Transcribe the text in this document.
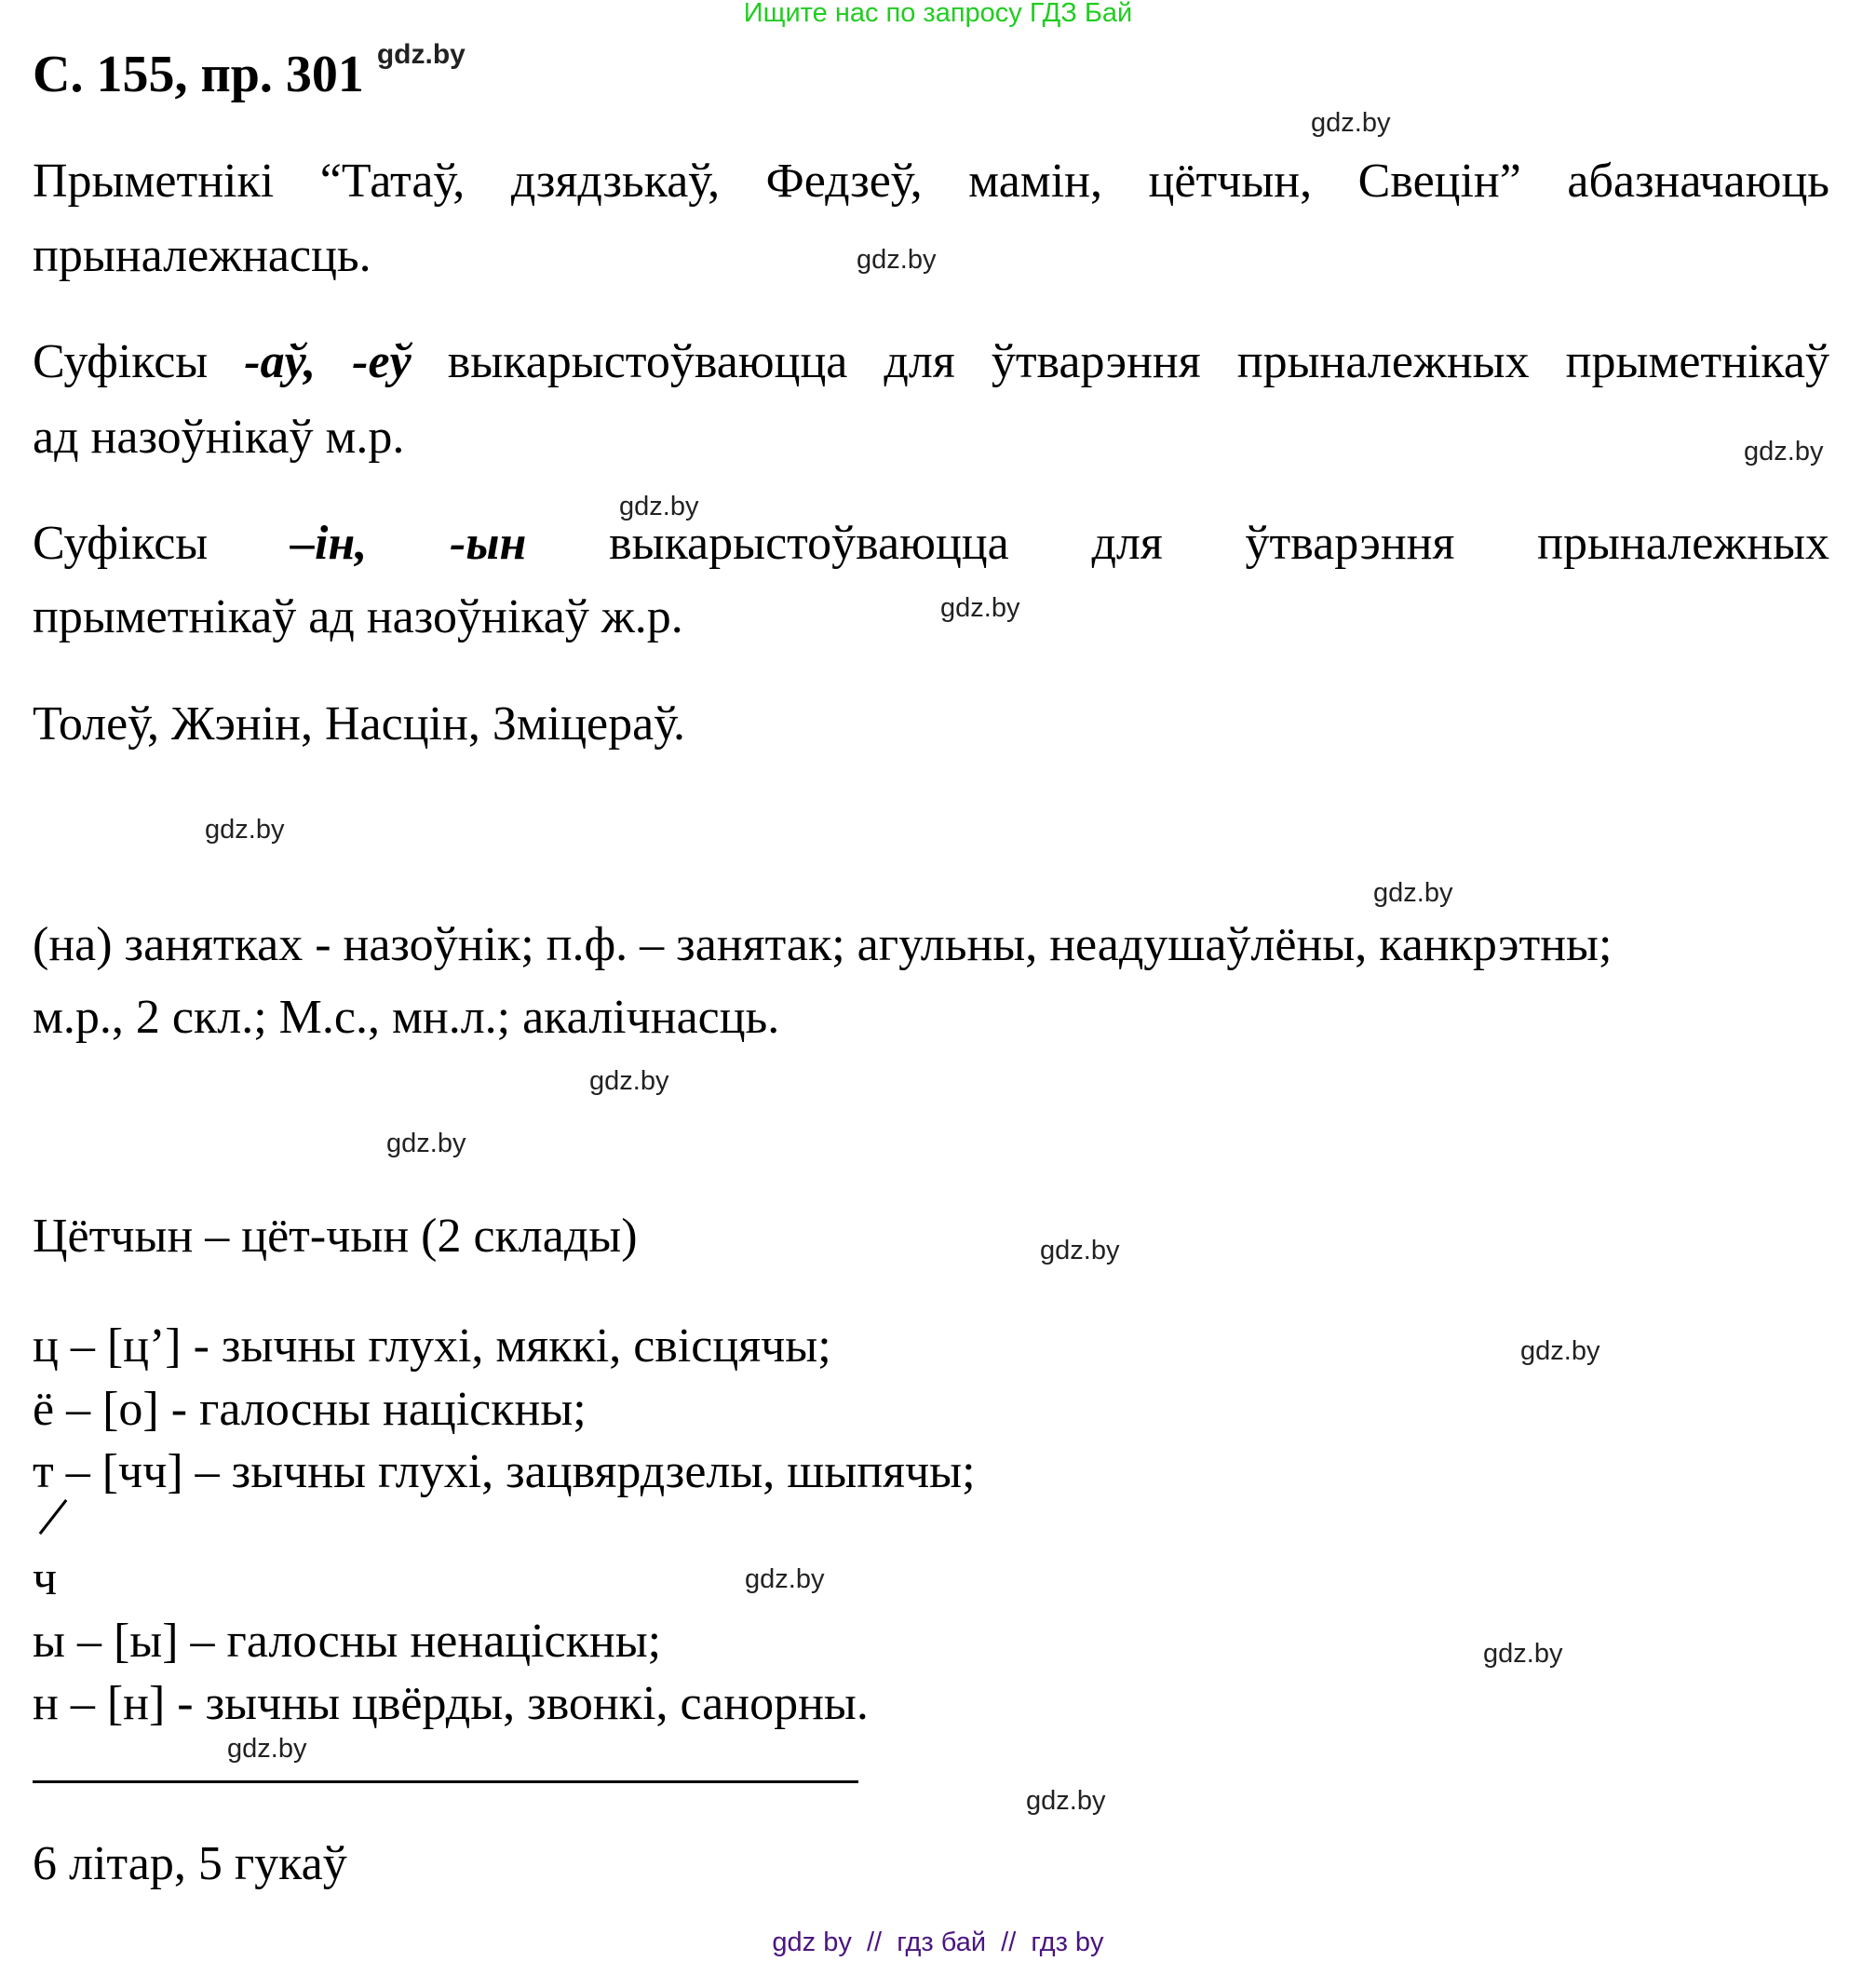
Ищите нас по запросу ГДЗ Бай
С. 155, пр. 301 $^{gdz.by}$
Прыметнікі “Татаў, дзядзькаў, Федзеў, мамін, цётчын, Свецін” абазначаюць
прыналежнасць.
Суфіксы -аў, -еў выкарыстоўваюцца для ўтварэння прыналежных прыметнікаў
ад назоўнікаў м.р.
Суфіксы –ін, -ын выкарыстоўваюцца для ўтварэння прыналежных
прыметнікаў ад назоўнікаў ж.р.
Толеў, Жэнін, Насцін, Зміцераў.
(на) занятках - назоўнік; п.ф. – занятак; агульны, неадушаўлёны, канкрэтны;
м.р., 2 скл.; М.с., мн.л.; акалічнасць.
Цётчын – цёт-чын (2 склады)
ц – [ц’] - зычны глухі, мяккі, свісцячы;
ё – [о] - галосны націскны;
т – [чч] – зычны глухі, зацвярдзелы, шыпячы;
ч
ы – [ы] – галосны ненаціскны;
н – [н] - зычны цвёрды, звонкі, санорны.
6 літар, 5 гукаў
gdz.by
gdz.by
gdz.by
gdz.by
gdz.by
gdz.by
gdz.by
gdz.by
gdz.by
gdz.by
gdz.by
gdz.by
gdz.by
gdz.by
gdz.by
gdz by  //  гдз бай  //  гдз by
